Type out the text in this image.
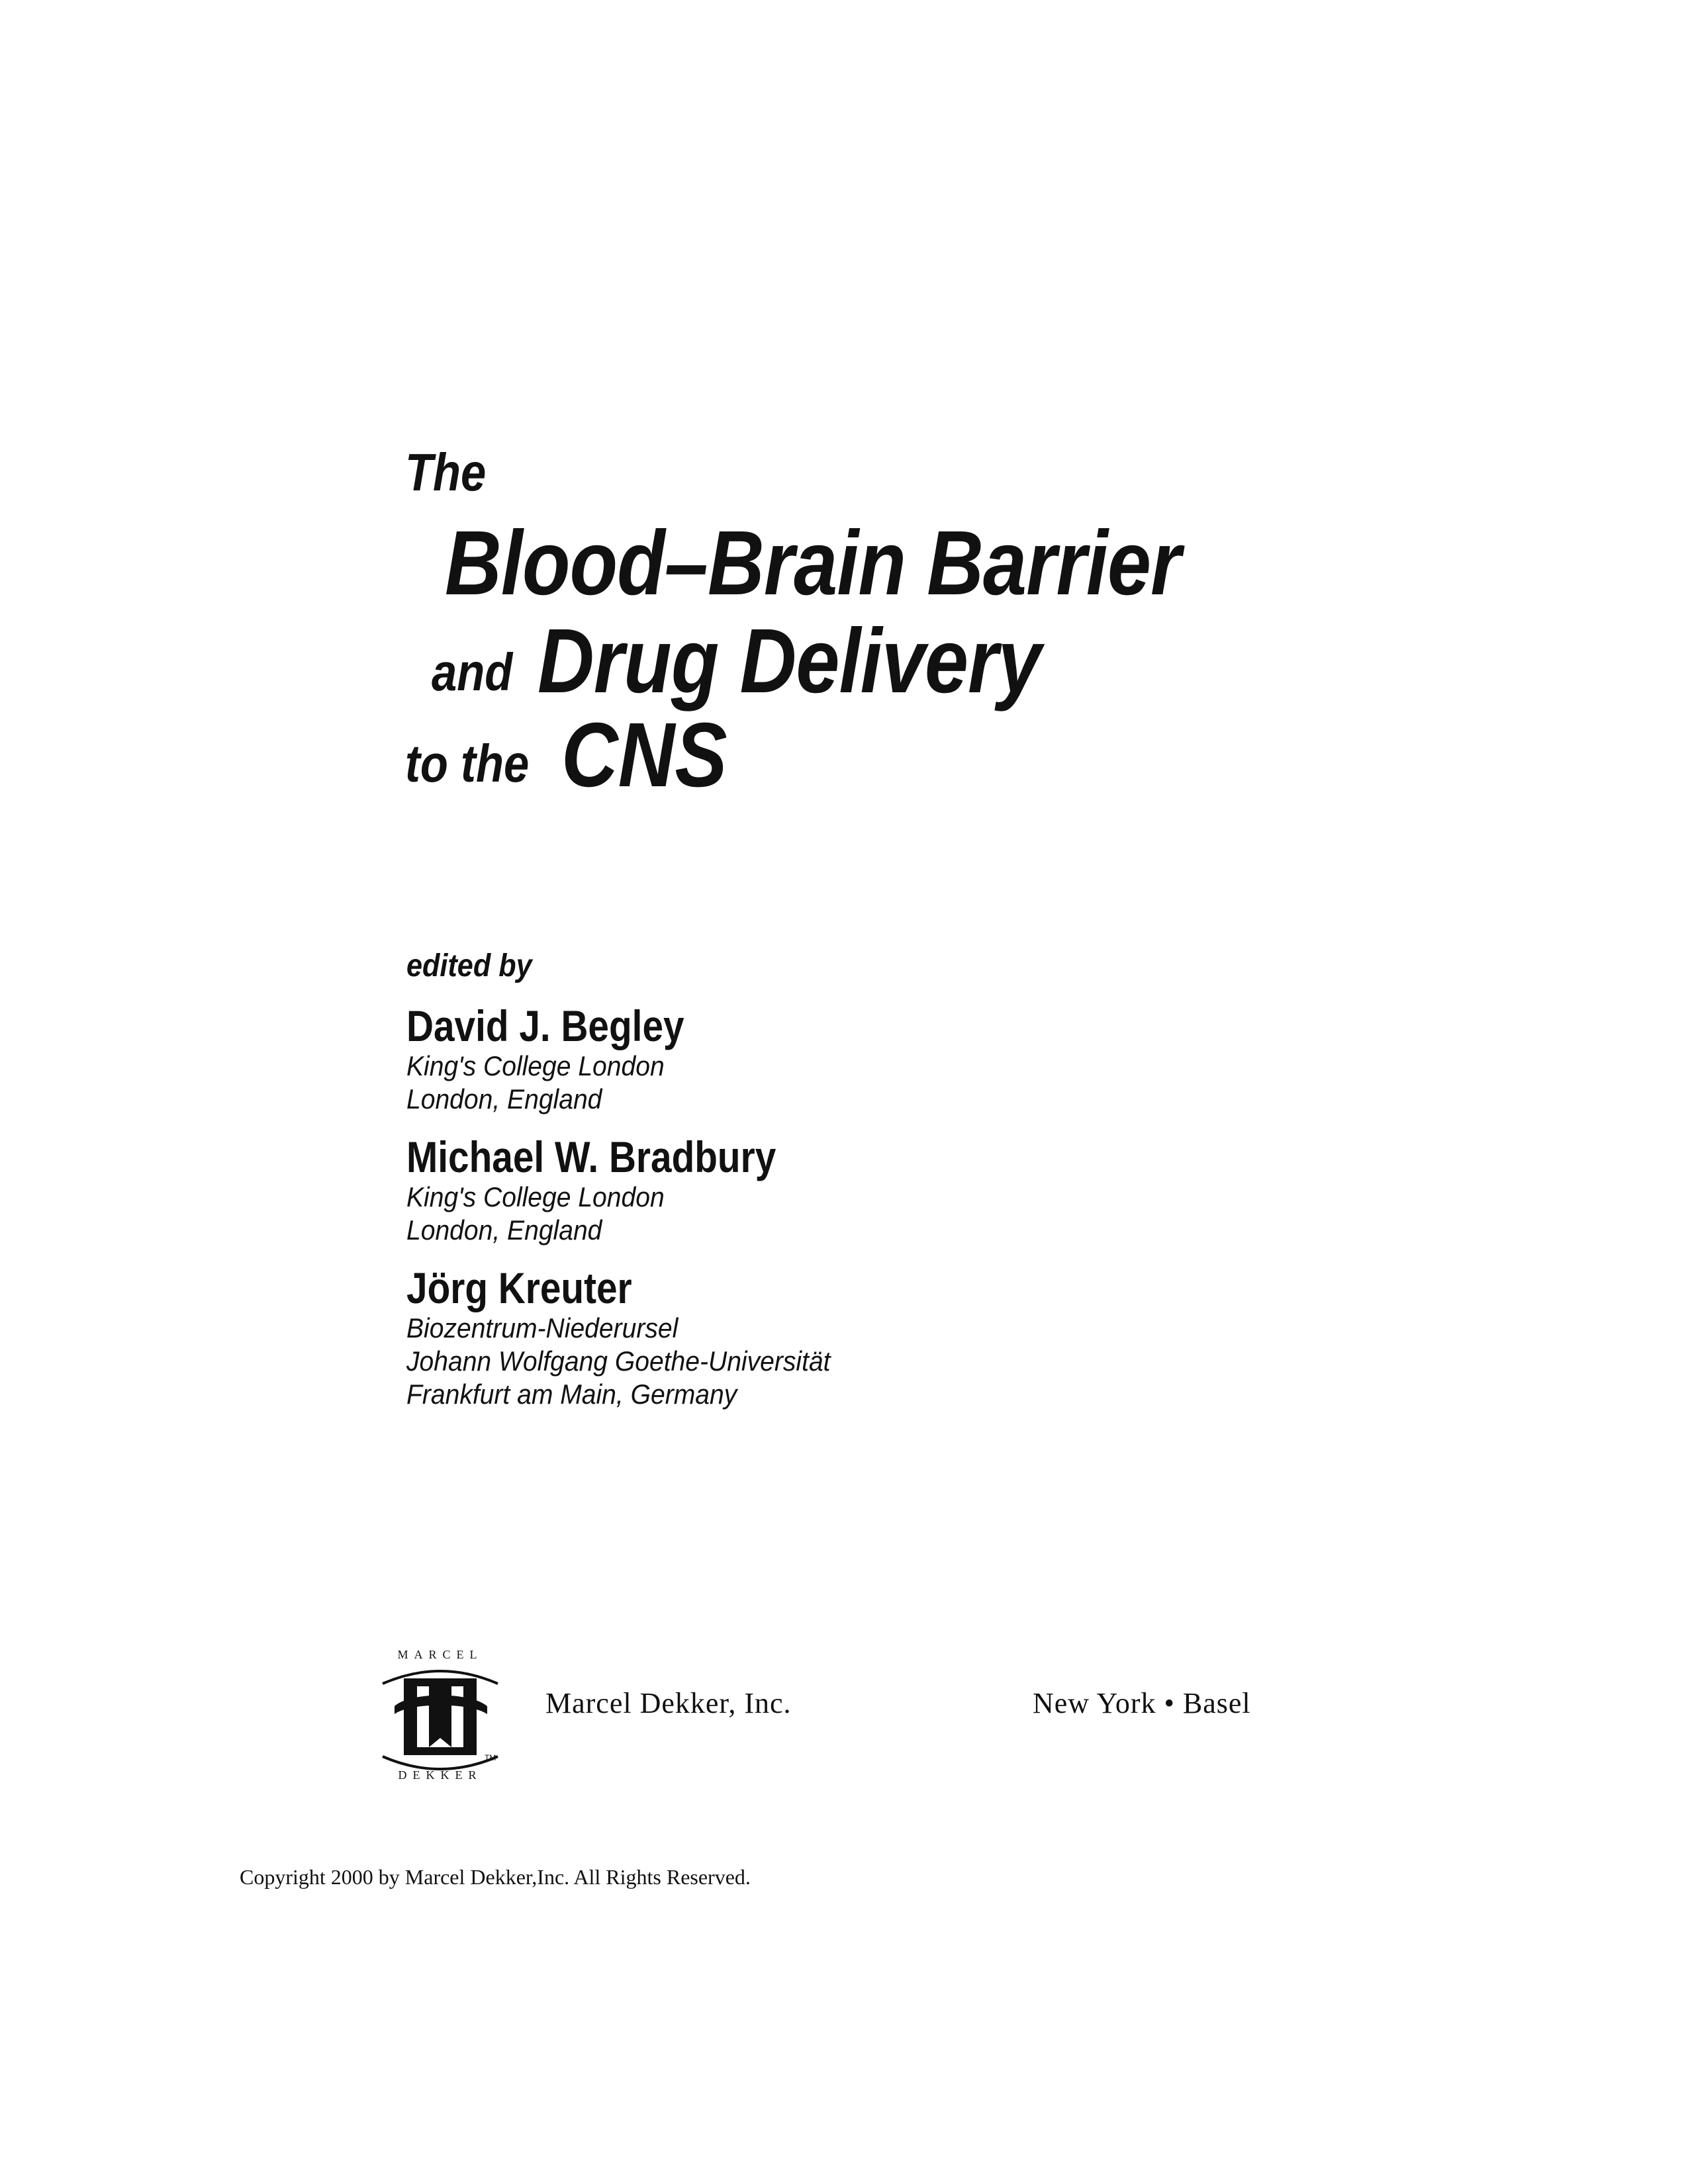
The
Blood–Brain Barrier
and Drug Delivery
to the CNS
edited by
David J. Begley
King's College London
London, England
Michael W. Bradbury
King's College London
London, England
Jörg Kreuter
Biozentrum-Niederursel
Johann Wolfgang Goethe-Universität
Frankfurt am Main, Germany
MARCEL
TM
DEKKER
Marcel Dekker, Inc.	New York • Basel
Copyright 2000 by Marcel Dekker,Inc. All Rights Reserved.
